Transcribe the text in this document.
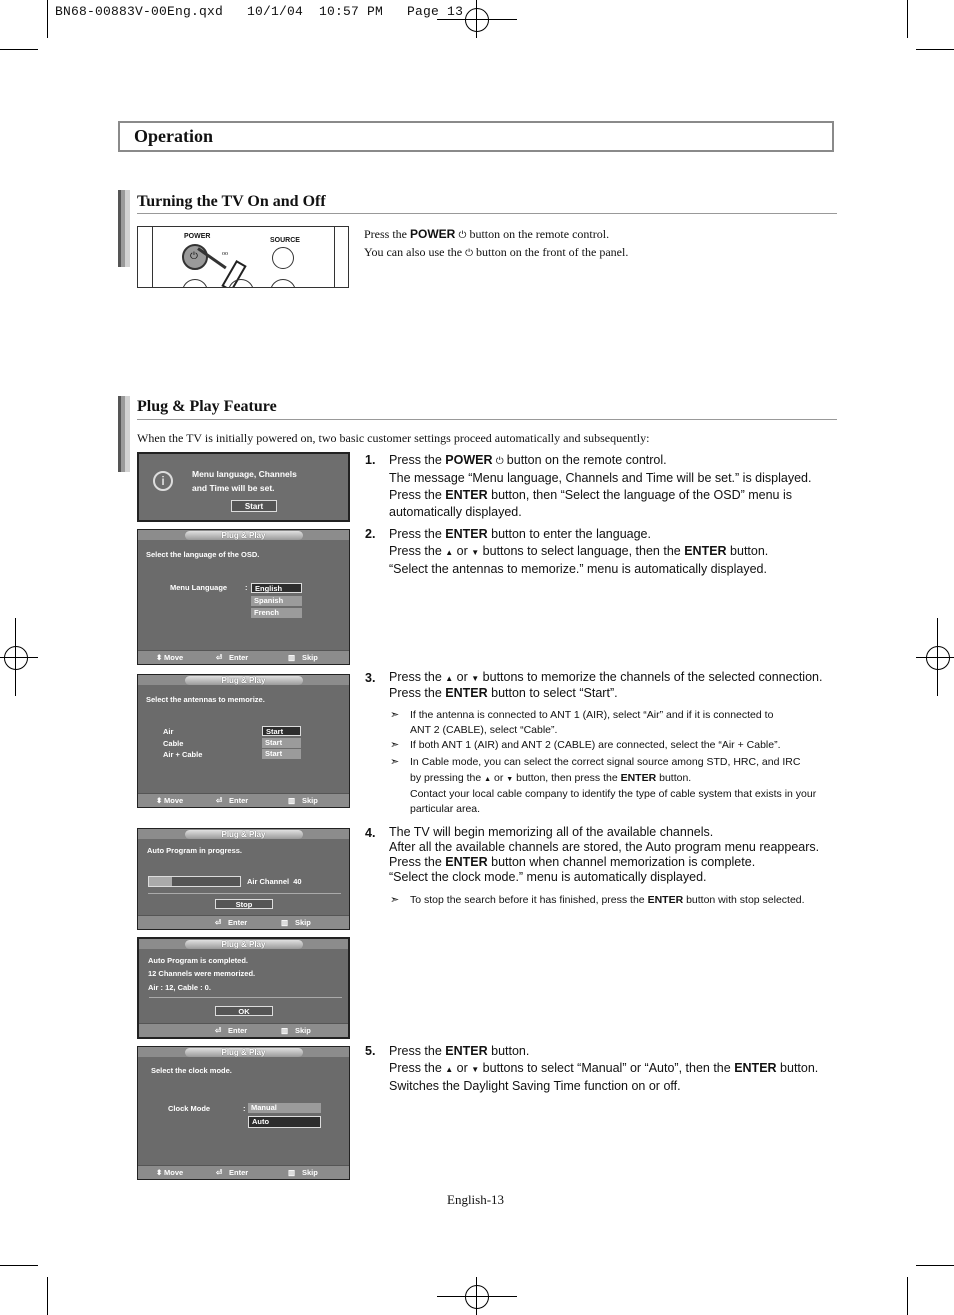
BN68-00883V-00Eng.qxd   10/1/04  10:57 PM   Page 13
Operation
Turning the TV On and Off
POWER
SOURCE
⏻	oo
Press the POWER ⏻ button on the remote control.
You can also use the ⏻ button on the front of the panel.
Plug & Play Feature
When the TV is initially powered on, two basic customer settings proceed automatically and subsequently:
i	Menu language, Channels
and Time will be set.
Start
Plug & Play
Select the language of the OSD.
Menu Language :	English
Spanish
French
⬍ Move	⏎ Enter	▥ Skip
Plug & Play
Select the antennas to memorize.
Air
Cable
Air + Cable
Start
Start
Start
⬍ Move	⏎ Enter	▥ Skip
Plug & Play
Auto Program in progress.
Air Channel  40
Stop
⏎ Enter	▥ Skip
Plug & Play
Auto Program is completed.
12 Channels were memorized.
Air : 12, Cable : 0.
OK
⏎ Enter	▥ Skip
Plug & Play
Select the clock mode.
Clock Mode	: Manual
Auto
⬍ Move	⏎ Enter	▥ Skip
1. Press the POWER ⏻ button on the remote control.
The message “Menu language, Channels and Time will be set.” is displayed.
Press the ENTER button, then “Select the language of the OSD” menu is
automatically displayed.
2. Press the ENTER button to enter the language.
Press the ▲ or ▼ buttons to select language, then the ENTER button.
“Select the antennas to memorize.” menu is automatically displayed.
3. Press the ▲ or ▼ buttons to memorize the channels of the selected connection.
Press the ENTER button to select “Start”.
➣ If the antenna is connected to ANT 1 (AIR), select “Air” and if it is connected to
ANT 2 (CABLE), select “Cable”.
➣ If both ANT 1 (AIR) and ANT 2 (CABLE) are connected, select the “Air + Cable”.
➣ In Cable mode, you can select the correct signal source among STD, HRC, and IRC
by pressing the ▲ or ▼ button, then press the ENTER button.
Contact your local cable company to identify the type of cable system that exists in your
particular area.
4. The TV will begin memorizing all of the available channels.
After all the available channels are stored, the Auto program menu reappears.
Press the ENTER button when channel memorization is complete.
“Select the clock mode.” menu is automatically displayed.
➣ To stop the search before it has finished, press the ENTER button with stop selected.
5. Press the ENTER button.
Press the ▲ or ▼ buttons to select “Manual” or “Auto”, then the ENTER button.
Switches the Daylight Saving Time function on or off.
English-13
